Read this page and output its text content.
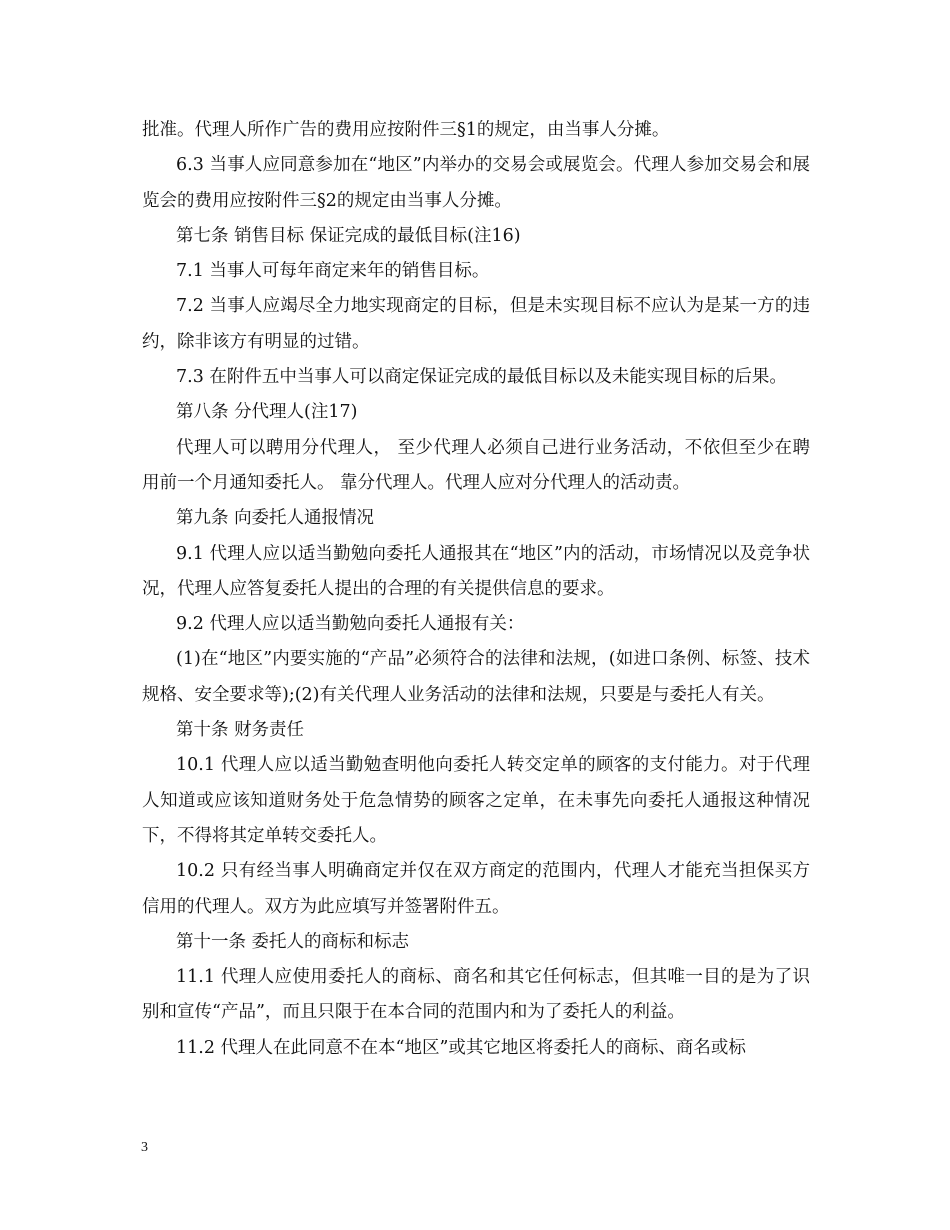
批准。代理人所作广告的费用应按附件三§1的规定，由当事人分摊。

6.3 当事人应同意参加在“地区”内举办的交易会或展览会。代理人参加交易会和展览会的费用应按附件三§2的规定由当事人分摊。

第七条 销售目标 保证完成的最低目标(注16)

7.1 当事人可每年商定来年的销售目标。

7.2 当事人应竭尽全力地实现商定的目标，但是未实现目标不应认为是某一方的违约，除非该方有明显的过错。

7.3 在附件五中当事人可以商定保证完成的最低目标以及未能实现目标的后果。

第八条 分代理人(注17)

代理人可以聘用分代理人， 至少代理人必须自己进行业务活动，不依但至少在聘用前一个月通知委托人。 靠分代理人。代理人应对分代理人的活动责。

第九条 向委托人通报情况

9.1 代理人应以适当勤勉向委托人通报其在“地区”内的活动，市场情况以及竞争状况，代理人应答复委托人提出的合理的有关提供信息的要求。

9.2 代理人应以适当勤勉向委托人通报有关：

(1)在“地区”内要实施的“产品”必须符合的法律和法规，(如进口条例、标签、技术规格、安全要求等);(2)有关代理人业务活动的法律和法规，只要是与委托人有关。

第十条 财务责任

10.1 代理人应以适当勤勉查明他向委托人转交定单的顾客的支付能力。对于代理人知道或应该知道财务处于危急情势的顾客之定单，在未事先向委托人通报这种情况下，不得将其定单转交委托人。

10.2 只有经当事人明确商定并仅在双方商定的范围内，代理人才能充当担保买方信用的代理人。双方为此应填写并签署附件五。

第十一条 委托人的商标和标志

11.1 代理人应使用委托人的商标、商名和其它任何标志，但其唯一目的是为了识别和宣传“产品”，而且只限于在本合同的范围内和为了委托人的利益。

11.2 代理人在此同意不在本“地区”或其它地区将委托人的商标、商名或标

3
